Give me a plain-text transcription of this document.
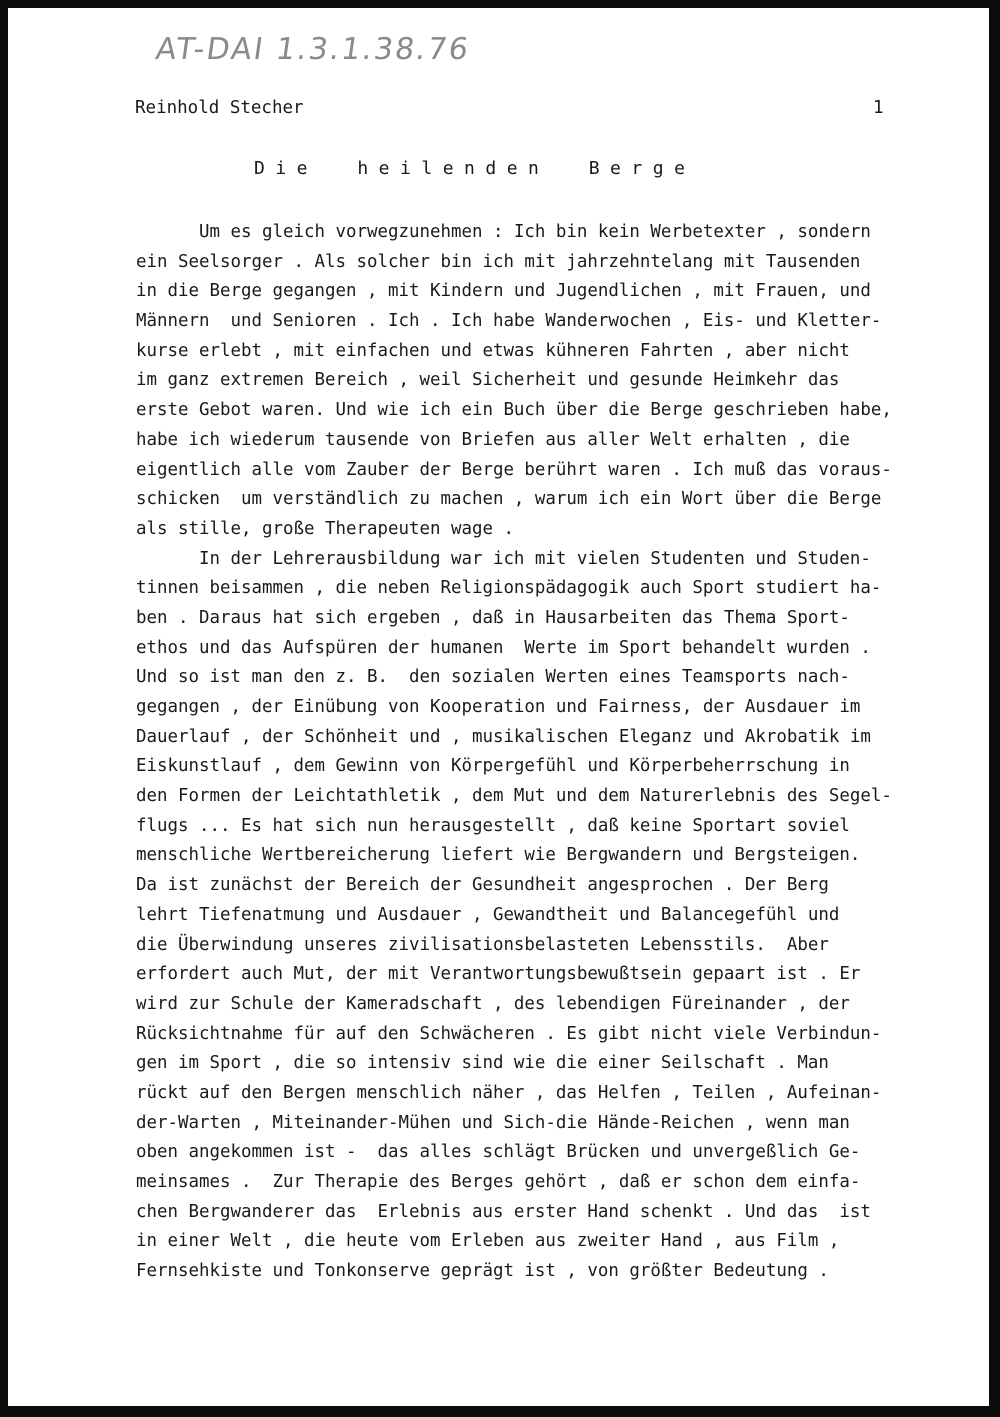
AT-DAI 1.3.1.38.76
Reinhold Stecher	1
Die heilenden Berge
Um es gleich vorwegzunehmen : Ich bin kein Werbetexter , sondern
ein Seelsorger . Als solcher bin ich mit jahrzehntelang mit Tausenden
in die Berge gegangen , mit Kindern und Jugendlichen , mit Frauen, und
Männern  und Senioren . Ich . Ich habe Wanderwochen , Eis- und Kletter-
kurse erlebt , mit einfachen und etwas kühneren Fahrten , aber nicht
im ganz extremen Bereich , weil Sicherheit und gesunde Heimkehr das
erste Gebot waren. Und wie ich ein Buch über die Berge geschrieben habe,
habe ich wiederum tausende von Briefen aus aller Welt erhalten , die
eigentlich alle vom Zauber der Berge berührt waren . Ich muß das voraus-
schicken  um verständlich zu machen , warum ich ein Wort über die Berge
als stille, große Therapeuten wage .
In der Lehrerausbildung war ich mit vielen Studenten und Studen-
tinnen beisammen , die neben Religionspädagogik auch Sport studiert ha-
ben . Daraus hat sich ergeben , daß in Hausarbeiten das Thema Sport-
ethos und das Aufspüren der humanen  Werte im Sport behandelt wurden .
Und so ist man den z. B.  den sozialen Werten eines Teamsports nach-
gegangen , der Einübung von Kooperation und Fairness, der Ausdauer im
Dauerlauf , der Schönheit und , musikalischen Eleganz und Akrobatik im
Eiskunstlauf , dem Gewinn von Körpergefühl und Körperbeherrschung in
den Formen der Leichtathletik , dem Mut und dem Naturerlebnis des Segel-
flugs ... Es hat sich nun herausgestellt , daß keine Sportart soviel
menschliche Wertbereicherung liefert wie Bergwandern und Bergsteigen.
Da ist zunächst der Bereich der Gesundheit angesprochen . Der Berg
lehrt Tiefenatmung und Ausdauer , Gewandtheit und Balancegefühl und
die Überwindung unseres zivilisationsbelasteten Lebensstils.  Aber
erfordert auch Mut, der mit Verantwortungsbewußtsein gepaart ist . Er
wird zur Schule der Kameradschaft , des lebendigen Füreinander , der
Rücksichtnahme für auf den Schwächeren . Es gibt nicht viele Verbindun-
gen im Sport , die so intensiv sind wie die einer Seilschaft . Man
rückt auf den Bergen menschlich näher , das Helfen , Teilen , Aufeinan-
der-Warten , Miteinander-Mühen und Sich-die Hände-Reichen , wenn man
oben angekommen ist -  das alles schlägt Brücken und unvergeßlich Ge-
meinsames .  Zur Therapie des Berges gehört , daß er schon dem einfa-
chen Bergwanderer das  Erlebnis aus erster Hand schenkt . Und das  ist
in einer Welt , die heute vom Erleben aus zweiter Hand , aus Film ,
Fernsehkiste und Tonkonserve geprägt ist , von größter Bedeutung .
